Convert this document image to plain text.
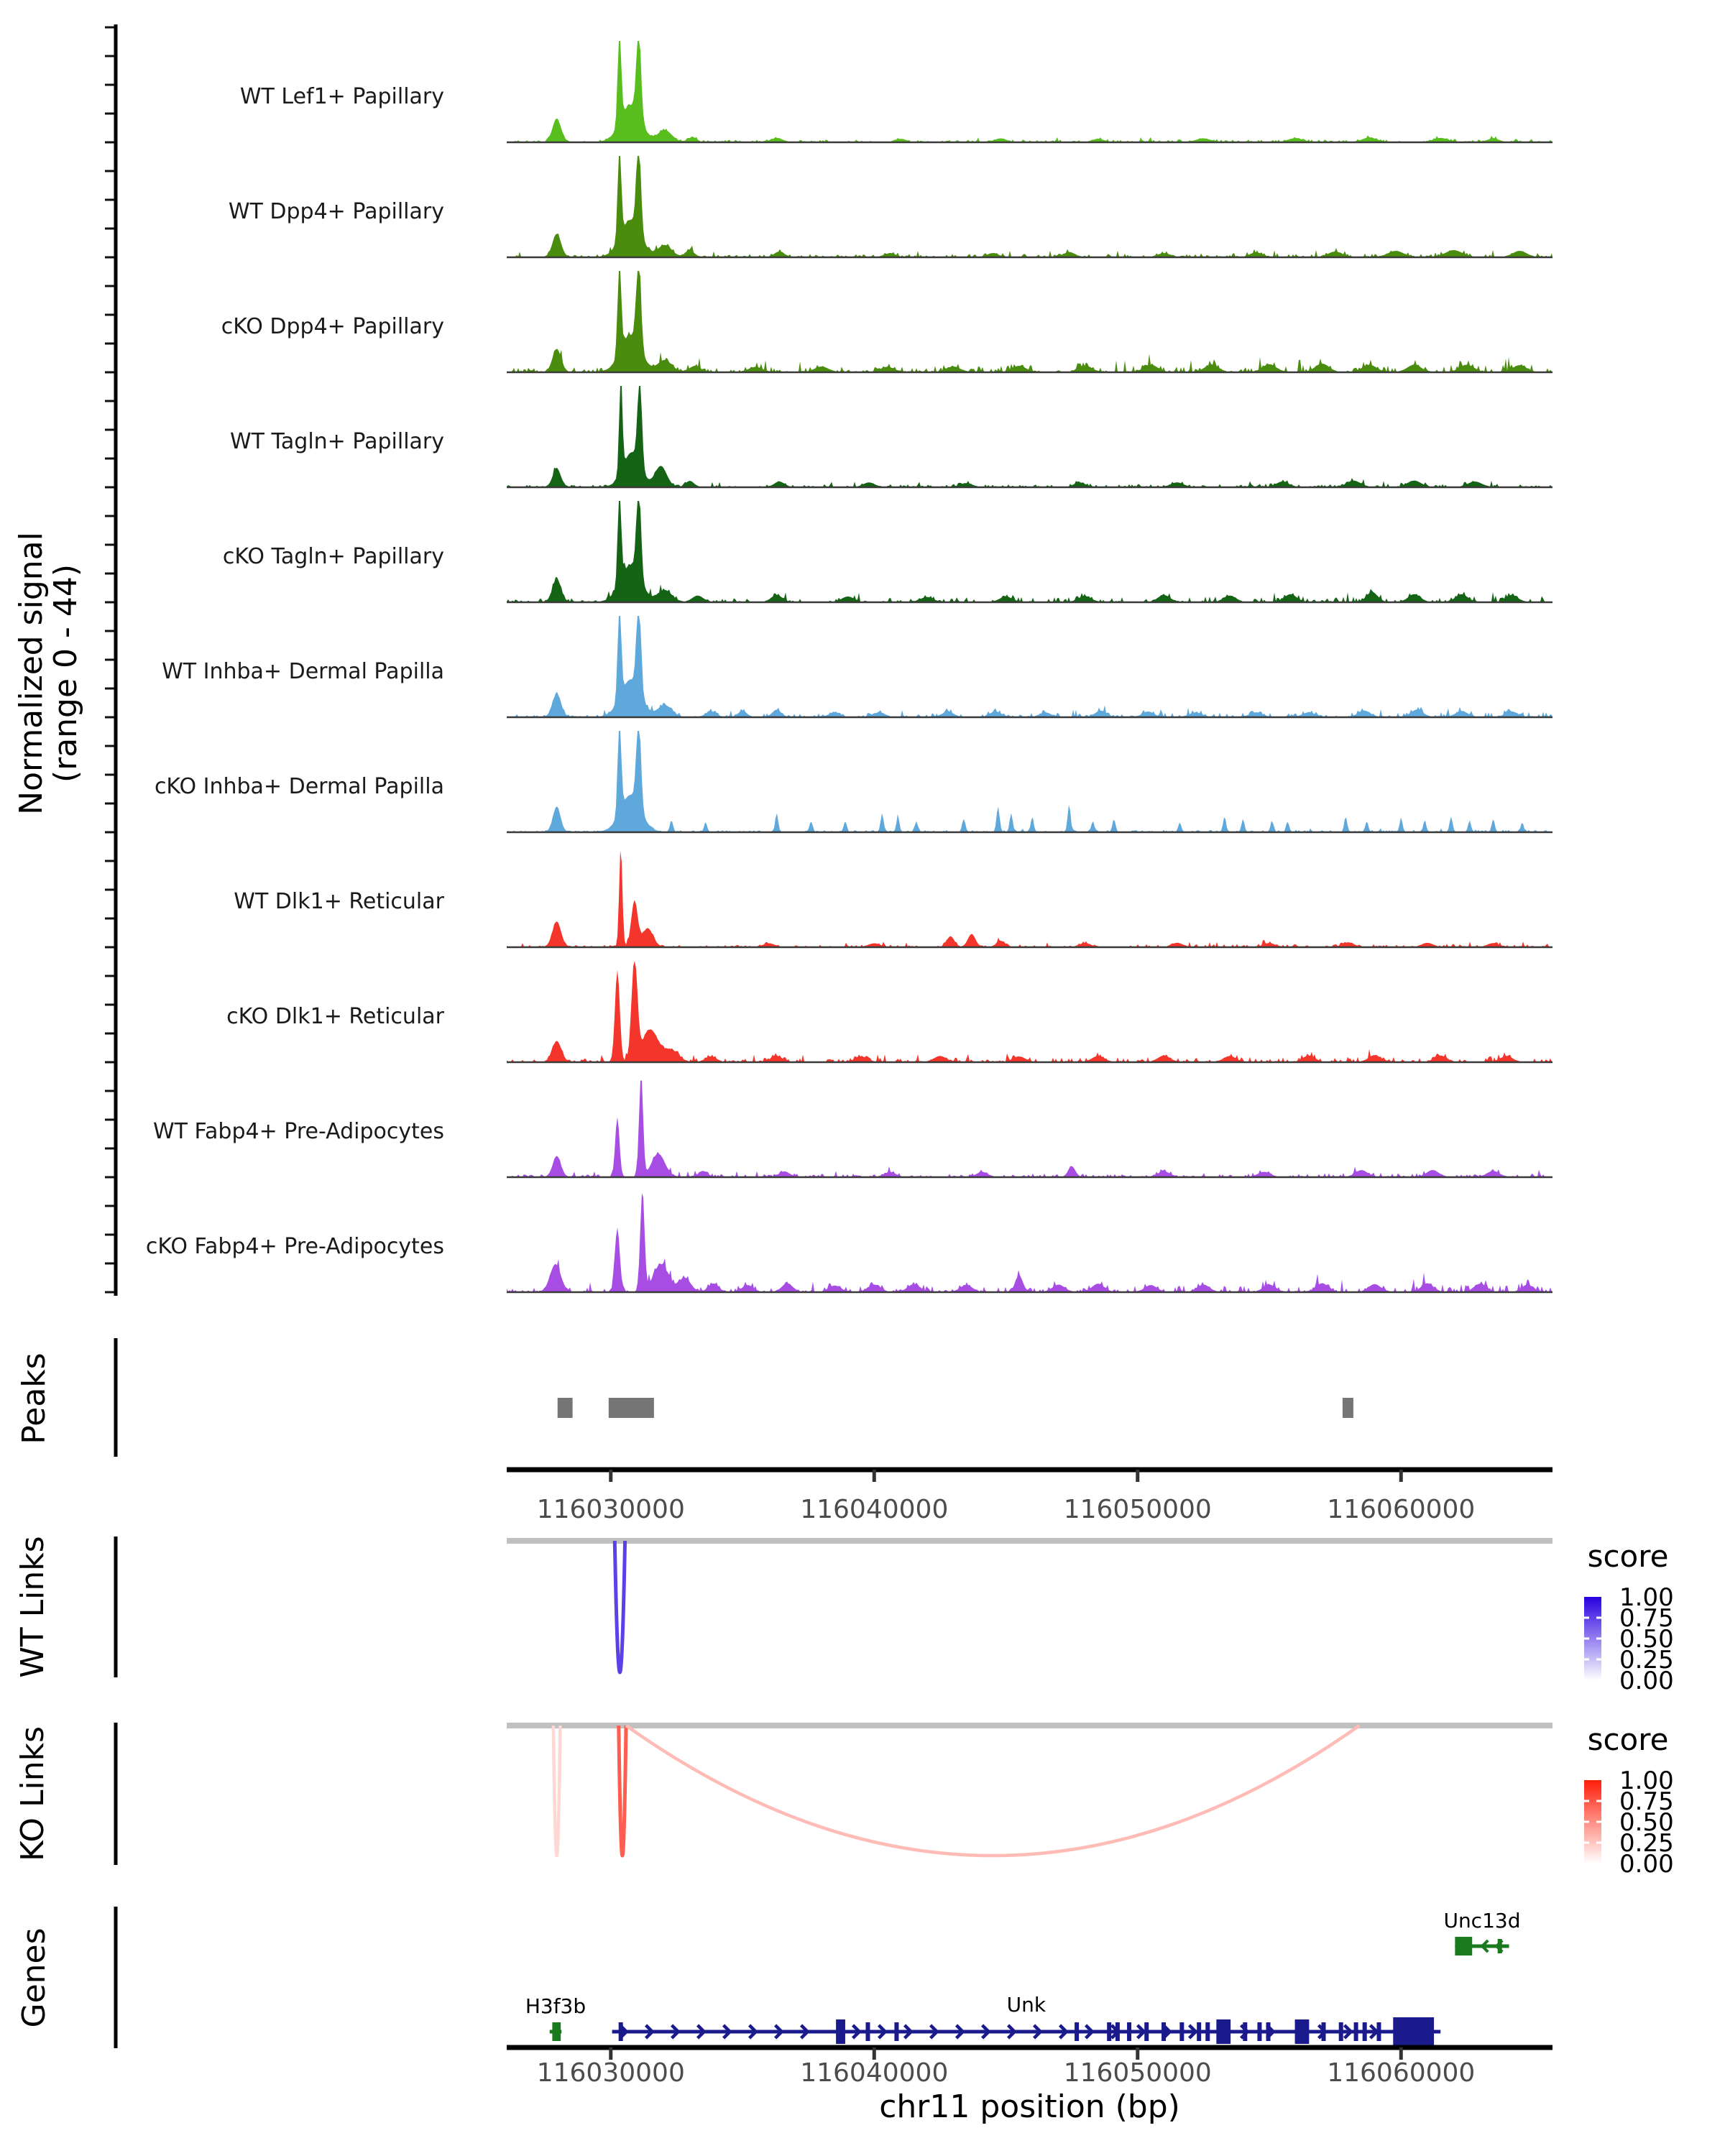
Normalized signal
(range 0 - 44)
WT Lef1+ Papillary
WT Dpp4+ Papillary
cKO Dpp4+ Papillary
WT Tagln+ Papillary
cKO Tagln+ Papillary
WT Inhba+ Dermal Papilla
cKO Inhba+ Dermal Papilla
WT Dlk1+ Reticular
cKO Dlk1+ Reticular
WT Fabp4+ Pre-Adipocytes
cKO Fabp4+ Pre-Adipocytes
Peaks
116030000	116040000	116050000	116060000
WT Links	score
1.00
0.75
0.50
0.25
0.00
KO Links	score
1.00
0.75
0.50
0.25
0.00
Genes	H3f3b	Unk
Unc13d
116030000	116040000	116050000	116060000
chr11 position (bp)
